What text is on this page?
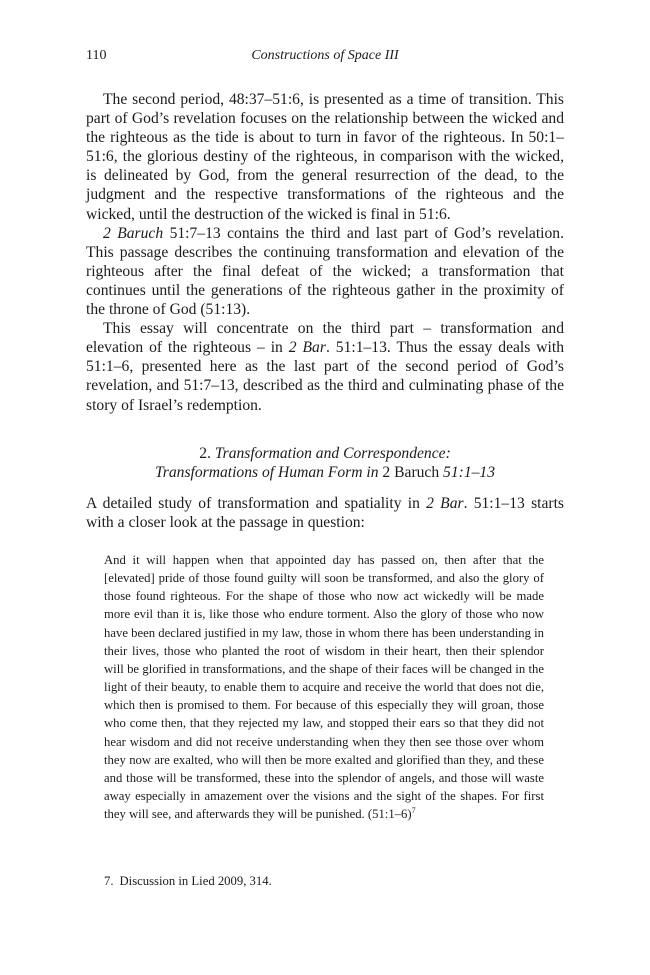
110	Constructions of Space III

The second period, 48:37–51:6, is presented as a time of transition. This part of God’s revelation focuses on the relationship between the wicked and the righteous as the tide is about to turn in favor of the righteous. In 50:1–51:6, the glorious destiny of the righteous, in comparison with the wicked, is delineated by God, from the general resurrection of the dead, to the judgment and the respective transformations of the righteous and the wicked, until the destruction of the wicked is final in 51:6.

2 Baruch 51:7–13 contains the third and last part of God’s revelation. This passage describes the continuing transformation and elevation of the righteous after the final defeat of the wicked; a transformation that continues until the generations of the righteous gather in the proximity of the throne of God (51:13).

This essay will concentrate on the third part – transformation and elevation of the righteous – in 2 Bar. 51:1–13. Thus the essay deals with 51:1–6, presented here as the last part of the second period of God’s revelation, and 51:7–13, described as the third and culminating phase of the story of Israel’s redemption.

2. Transformation and Correspondence:
Transformations of Human Form in 2 Baruch 51:1–13

A detailed study of transformation and spatiality in 2 Bar. 51:1–13 starts with a closer look at the passage in question:

And it will happen when that appointed day has passed on, then after that the [elevated] pride of those found guilty will soon be transformed, and also the glory of those found righteous. For the shape of those who now act wickedly will be made more evil than it is, like those who endure torment. Also the glory of those who now have been declared justified in my law, those in whom there has been understanding in their lives, those who planted the root of wisdom in their heart, then their splendor will be glorified in transformations, and the shape of their faces will be changed in the light of their beauty, to enable them to acquire and receive the world that does not die, which then is promised to them. For because of this especially they will groan, those who come then, that they rejected my law, and stopped their ears so that they did not hear wisdom and did not receive understanding when they then see those over whom they now are exalted, who will then be more exalted and glorified than they, and these and those will be transformed, these into the splendor of angels, and those will waste away especially in amazement over the visions and the sight of the shapes. For first they will see, and afterwards they will be punished. (51:1–6)$^7$

7. Discussion in Lied 2009, 314.
